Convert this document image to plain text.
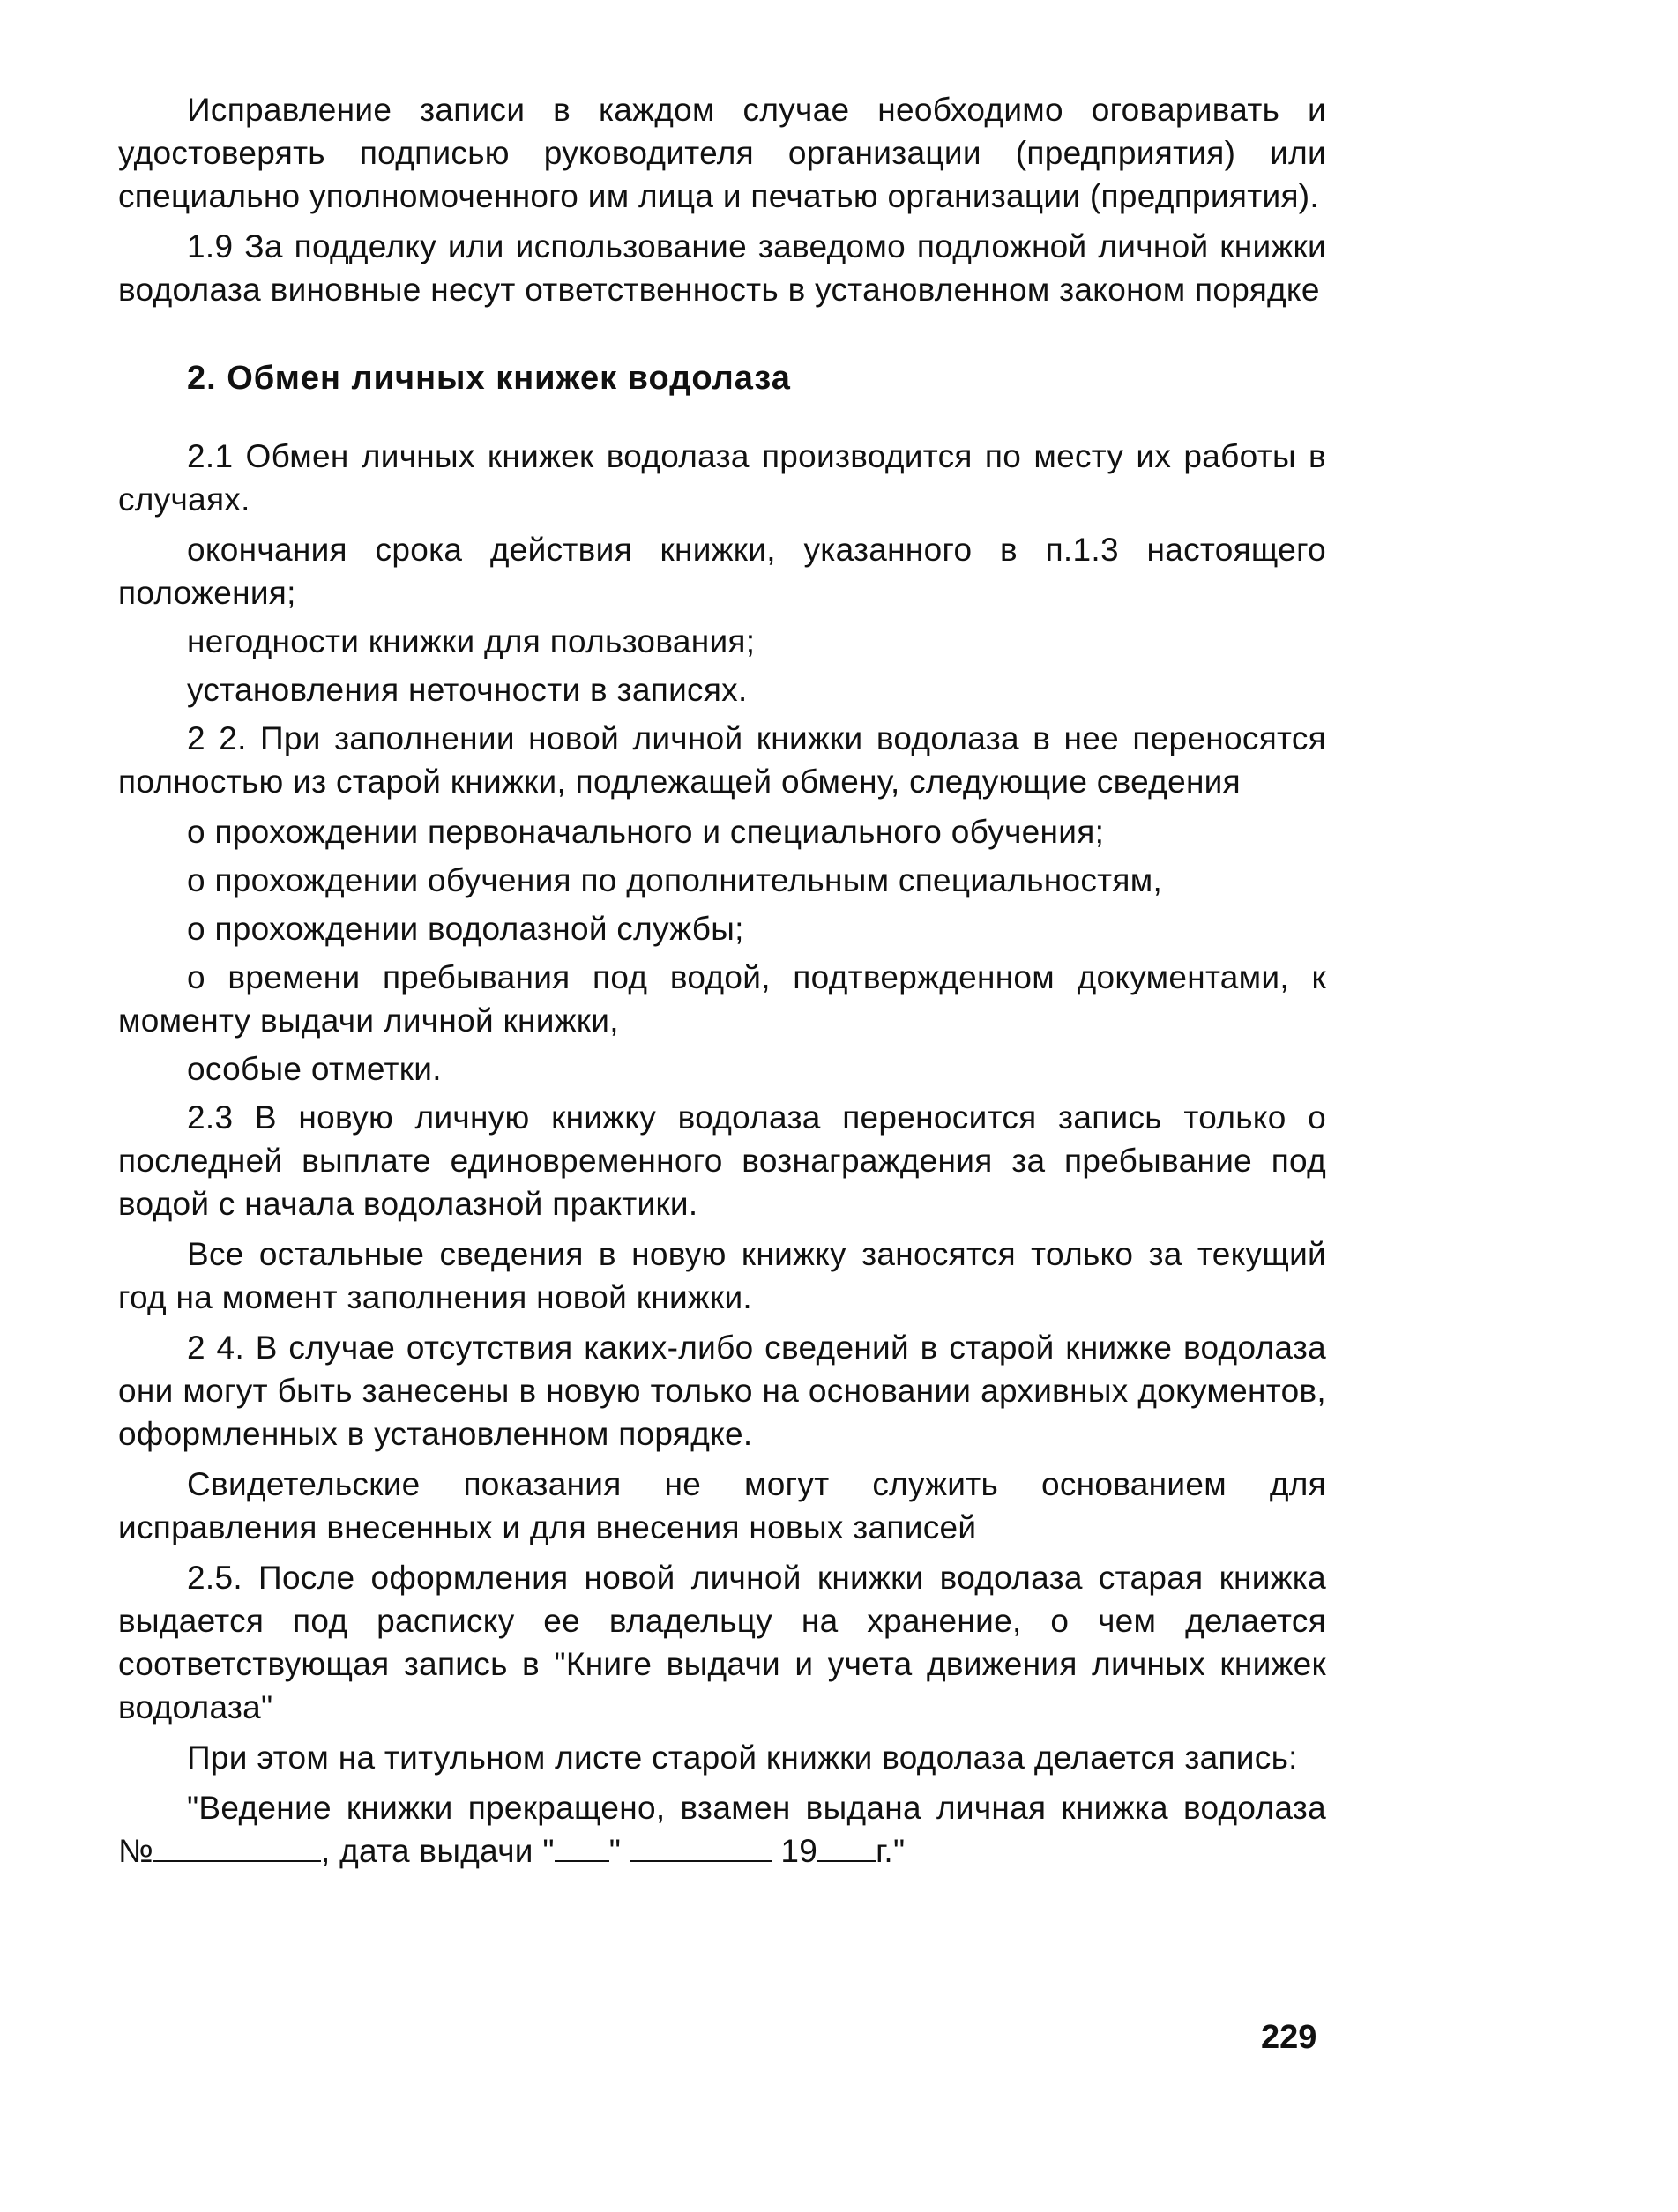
Исправление записи в каждом случае необходимо оговаривать и удостоверять подписью руководителя организации (предприятия) или специально уполномоченного им лица и печатью организации (предприятия).

1.9 За подделку или использование заведомо подложной личной книжки водолаза виновные несут ответственность в установленном законом порядке

2. Обмен личных книжек водолаза

2.1 Обмен личных книжек водолаза производится по месту их работы в случаях.

окончания срока действия книжки, указанного в п.1.3 настоящего положения;

негодности книжки для пользования;

установления неточности в записях.

2 2. При заполнении новой личной книжки водолаза в нее переносятся полностью из старой книжки, подлежащей обмену, следующие сведения

о прохождении первоначального и специального обучения;

о прохождении обучения по дополнительным специальностям,

о прохождении водолазной службы;

о времени пребывания под водой, подтвержденном документами, к моменту выдачи личной книжки,

особые отметки.

2.3 В новую личную книжку водолаза переносится запись только о последней выплате единовременного вознаграждения за пребывание под водой с начала водолазной практики.

Все остальные сведения в новую книжку заносятся только за текущий год на момент заполнения новой книжки.

2 4. В случае отсутствия каких-либо сведений в старой книжке водолаза они могут быть занесены в новую только на основании архивных документов, оформленных в установленном порядке.

Свидетельские показания не могут служить основанием для исправления внесенных и для внесения новых записей

2.5. После оформления новой личной книжки водолаза старая книжка выдается под расписку ее владельцу на хранение, о чем делается соответствующая запись в "Книге выдачи и учета движения личных книжек водолаза"

При этом на титульном листе старой книжки водолаза делается запись:

"Ведение книжки прекращено, взамен выдана личная книжка водолаза №	, дата выдачи " "	19 г."

229
